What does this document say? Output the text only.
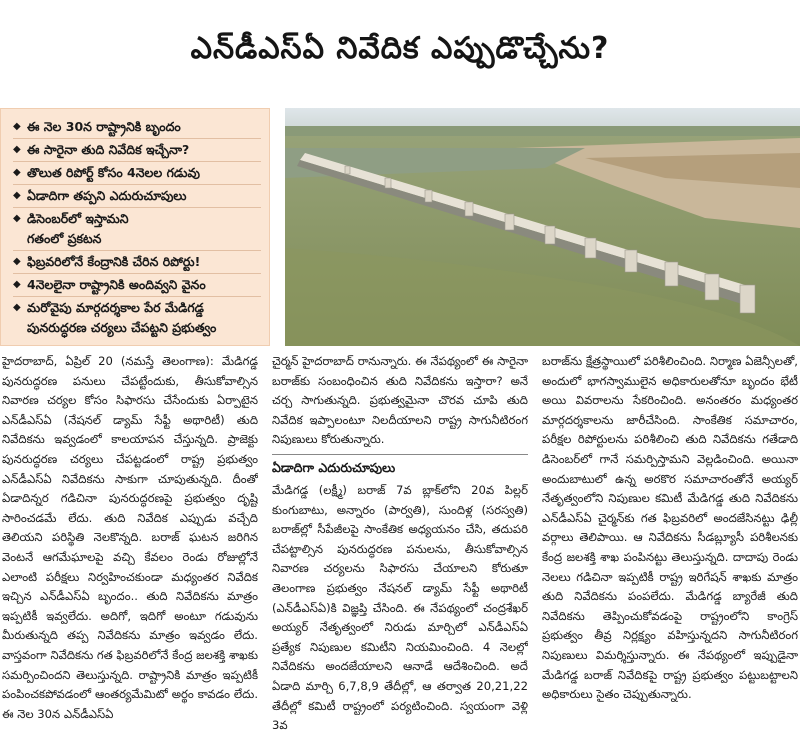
ఎన్‌డీఎస్‌ఏ నివేదిక ఎప్పుడొచ్చేను?
◆ ఈ నెల 30న రాష్ట్రానికి బృందం
◆ ఈ సారైనా తుది నివేదిక ఇచ్చేనా?
◆ తొలుత రిపోర్ట్ కోసం 4నెలల గడువు
◆ ఏడాదిగా తప్పని ఎదురుచూపులు
◆ డిసెంబర్‌లో ఇస్తామని
గతంలో ప్రకటన
◆ ఫిబ్రవరిలోనే కేంద్రానికి చేరిన రిపోర్టు!
◆ 4నెలలైనా రాష్ట్రానికి అందివ్వని వైనం
◆ మరోవైపు మార్గదర్శకాల పేర మేడిగడ్డ
పునరుద్ధరణ చర్యలు చేపట్టని ప్రభుత్వం

హైదరాబాద్, ఏప్రిల్ 20 (నమస్తే తెలంగాణ): మేడిగడ్డ పునరుద్ధరణ పనులు చేపట్టేందుకు, తీసుకోవాల్సిన నివారణ చర్యల కోసం సిఫారసు చేసేందుకు ఏర్పాటైన ఎన్‌డీఎస్‌ఏ (నేషనల్ డ్యామ్ సేఫ్టీ అథారిటీ) తుది నివేదికను ఇవ్వడంలో కాలయాపన చేస్తున్నది. ప్రాజెక్టు పునరుద్ధరణ చర్యలు చేపట్టడంలో రాష్ట్ర ప్రభుత్వం ఎన్‌డీఎస్‌ఏ నివేదికను సాకుగా చూపుతున్నది. దీంతో ఏడాదిన్నర గడిచినా పునరుద్ధరణపై ప్రభుత్వం దృష్టి సారించడమే లేదు. తుది నివేదిక ఎప్పుడు వచ్చేది తెలియని పరిస్థితి నెలకొన్నది. బరాజ్ ఘటన జరిగిన వెంటనే ఆగమేఘాలపై వచ్చి కేవలం రెండు రోజుల్లోనే ఎలాంటి పరీక్షలు నిర్వహించకుండా మధ్యంతర నివేదిక ఇచ్చిన ఎన్‌డీఎస్‌ఏ బృందం.. తుది నివేదికను మాత్రం ఇప్పటికీ ఇవ్వలేదు. అదిగో, ఇదిగో అంటూ గడువును మీరుతున్నది తప్ప నివేదికను మాత్రం ఇవ్వడం లేదు. వాస్తవంగా నివేదికను గత ఫిబ్రవరిలోనే కేంద్ర జలశక్తి శాఖకు సమర్పించిందని తెలుస్తున్నది. రాష్ట్రానికి మాత్రం ఇప్పటికీ పంపించకపోవడంలో ఆంతర్యమేమిటో అర్థం కావడం లేదు. ఈ నెల 30న ఎన్‌డీఎస్‌ఏ

చైర్మన్ హైదరాబాద్ రానున్నారు. ఈ నేపథ్యంలో ఈ సారైనా బరాజ్‌కు సంబంధించిన తుది నివేదికను ఇస్తారా? అనే చర్చ సాగుతున్నది. ప్రభుత్వమైనా చొరవ చూపి తుది నివేదిక ఇప్పాలంటూ నిలదీయాలని రాష్ట్ర సాగునీటిరంగ నిపుణులు కోరుతున్నారు.

ఏడాదిగా ఎదురుచూపులు

మేడిగడ్డ (లక్ష్మీ) బరాజ్ 7వ బ్లాక్‌లోని 20వ పిల్లర్ కుంగుబాటు, అన్నారం (పార్వతి), సుందిళ్ల (సరస్వతి) బరాజ్‌ల్లో సీపేజీలపై సాంకేతిక అధ్యయనం చేసి, తదుపరి చేపట్టాల్సిన పునరుద్ధరణ పనులను, తీసుకోవాల్సిన నివారణ చర్యలను సిఫారసు చేయాలని కోరుతూ తెలంగాణ ప్రభుత్వం నేషనల్ డ్యామ్ సేఫ్టీ అథారిటీ (ఎన్‌డీఎస్‌ఏ)కి విజ్ఞప్తి చేసింది. ఈ నేపథ్యంలో చంద్రశేఖర్ అయ్యర్ నేతృత్వంలో నిరుడు మార్చిలో ఎన్‌డీఎస్‌ఏ ప్రత్యేక నిపుణుల కమిటీని నియమించింది. 4 నెలల్లో నివేదికను అందజేయాలని ఆనాడే ఆదేశించింది. అదే ఏడాది మార్చి 6,7,8,9 తేదీల్లో, ఆ తర్వాత 20,21,22 తేదీల్లో కమిటీ రాష్ట్రంలో పర్యటించింది. స్వయంగా వెళ్లి 3వ

బరాజ్‌ను క్షేత్రస్థాయిలో పరిశీలించింది. నిర్మాణ ఏజెన్సీలతో, అందులో భాగస్వాములైన అధికారులతోనూ బృందం భేటీ అయి వివరాలను సేకరించింది. అనంతరం మధ్యంతర మార్గదర్శకాలను జారీచేసింది. సాంకేతిక సమాచారం, పరీక్షల రిపోర్టులను పరిశీలించి తుది నివేదికను గతేడాది డిసెంబర్‌లో గానే సమర్పిస్తామని వెల్లడించింది. అయినా అందుబాటులో ఉన్న అరకొర సమాచారంతోనే అయ్యర్ నేతృత్వంలోని నిపుణుల కమిటీ మేడిగడ్డ తుది నివేదికను ఎన్‌డీఎస్‌ఏ చైర్మన్‌కు గత ఫిబ్రవరిలో అందజేసినట్టు ఢిల్లీ వర్గాలు తెలిపాయి. ఆ నివేదికను సీడబ్ల్యూసీ పరిశీలనకు కేంద్ర జలశక్తి శాఖ పంపినట్టు తెలుస్తున్నది. దాదాపు రెండు నెలలు గడిచినా ఇప్పటికీ రాష్ట్ర ఇరిగేషన్ శాఖకు మాత్రం తుది నివేదికను పంపలేదు. మేడిగడ్డ బ్యారేజీ తుది నివేదికను తెప్పించుకోవడంపై రాష్ట్రంలోని కాంగ్రెస్ ప్రభుత్వం తీవ్ర నిర్లక్ష్యం వహిస్తున్నదని సాగునీటిరంగ నిపుణులు విమర్శిస్తున్నారు. ఈ నేపథ్యంలో ఇప్పుడైనా మేడిగడ్డ బరాజ్ నివేదికపై రాష్ట్ర ప్రభుత్వం పట్టుబట్టాలని అధికారులు సైతం చెప్పుతున్నారు.
